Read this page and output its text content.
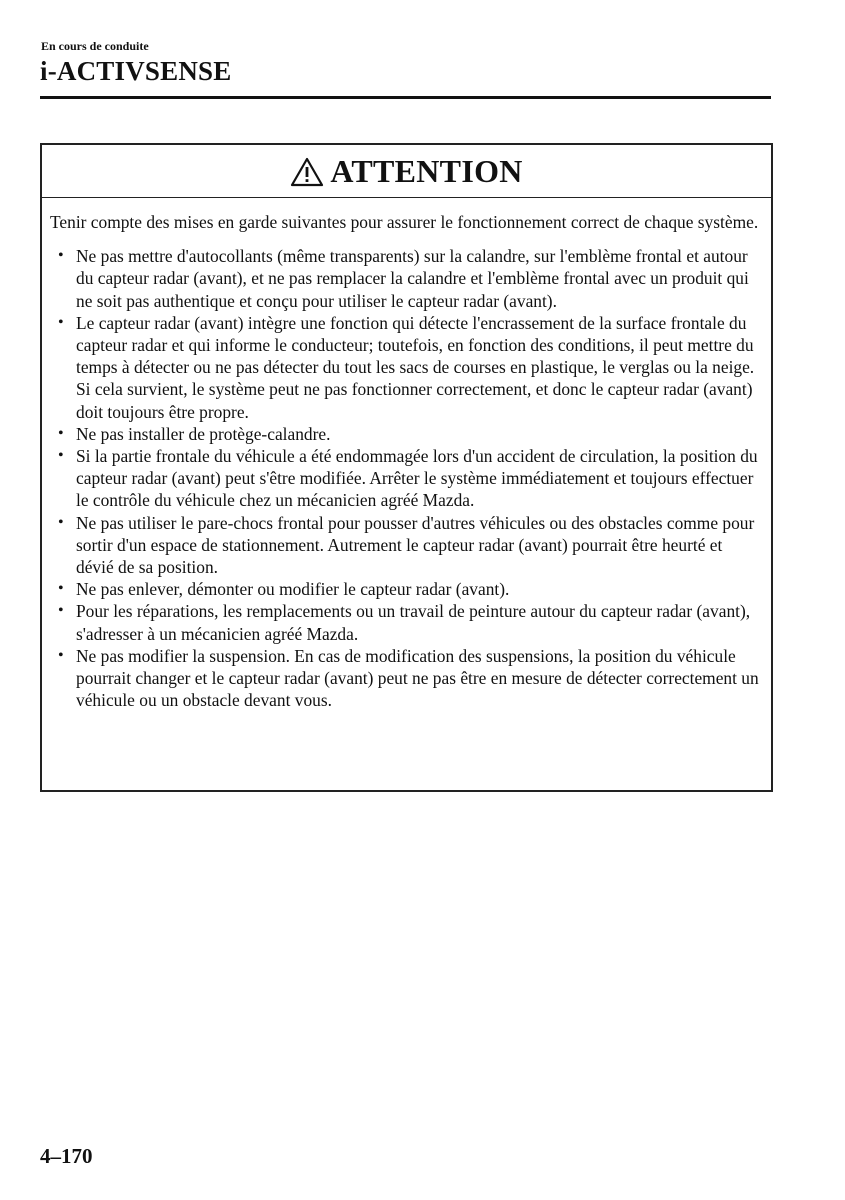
En cours de conduite
i-ACTIVSENSE
ATTENTION

Tenir compte des mises en garde suivantes pour assurer le fonctionnement correct de chaque système.

• Ne pas mettre d'autocollants (même transparents) sur la calandre, sur l'emblème frontal et autour du capteur radar (avant), et ne pas remplacer la calandre et l'emblème frontal avec un produit qui ne soit pas authentique et conçu pour utiliser le capteur radar (avant).
• Le capteur radar (avant) intègre une fonction qui détecte l'encrassement de la surface frontale du capteur radar et qui informe le conducteur; toutefois, en fonction des conditions, il peut mettre du temps à détecter ou ne pas détecter du tout les sacs de courses en plastique, le verglas ou la neige. Si cela survient, le système peut ne pas fonctionner correctement, et donc le capteur radar (avant) doit toujours être propre.
• Ne pas installer de protège-calandre.
• Si la partie frontale du véhicule a été endommagée lors d'un accident de circulation, la position du capteur radar (avant) peut s'être modifiée. Arrêter le système immédiatement et toujours effectuer le contrôle du véhicule chez un mécanicien agréé Mazda.
• Ne pas utiliser le pare-chocs frontal pour pousser d'autres véhicules ou des obstacles comme pour sortir d'un espace de stationnement. Autrement le capteur radar (avant) pourrait être heurté et dévié de sa position.
• Ne pas enlever, démonter ou modifier le capteur radar (avant).
• Pour les réparations, les remplacements ou un travail de peinture autour du capteur radar (avant), s'adresser à un mécanicien agréé Mazda.
• Ne pas modifier la suspension. En cas de modification des suspensions, la position du véhicule pourrait changer et le capteur radar (avant) peut ne pas être en mesure de détecter correctement un véhicule ou un obstacle devant vous.
4–170
